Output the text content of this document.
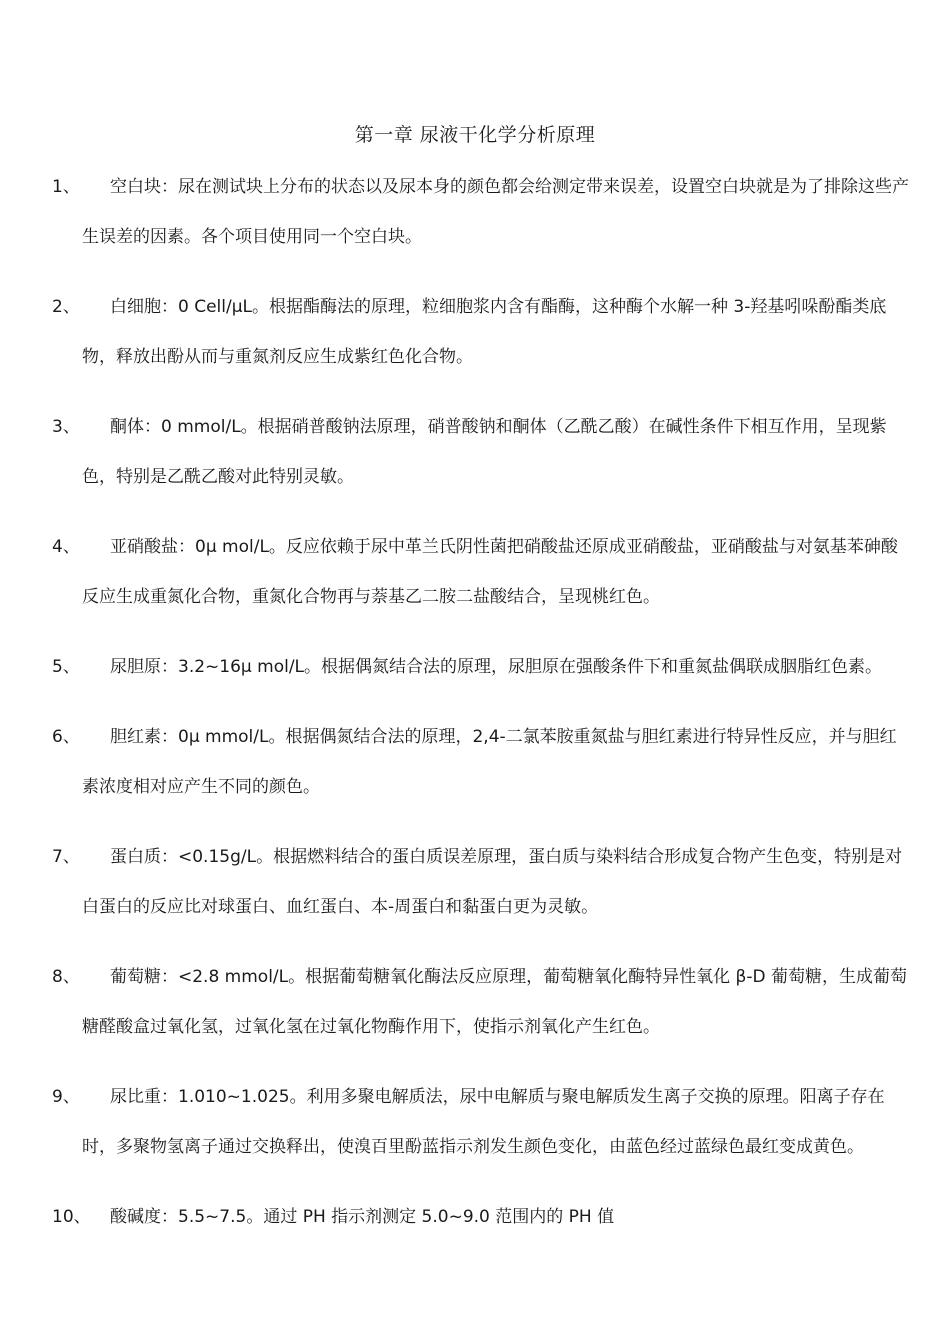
第一章 尿液干化学分析原理
1、	空白块：尿在测试块上分布的状态以及尿本身的颜色都会给测定带来误差，设置空白块就是为了排除这些产生误差的因素。各个项目使用同一个空白块。
2、	白细胞：0 Cell/μL。根据酯酶法的原理，粒细胞浆内含有酯酶，这种酶个水解一种 3-羟基吲哚酚酯类底物，释放出酚从而与重氮剂反应生成紫红色化合物。
3、	酮体：0 mmol/L。根据硝普酸钠法原理，硝普酸钠和酮体（乙酰乙酸）在碱性条件下相互作用，呈现紫色，特别是乙酰乙酸对此特别灵敏。
4、	亚硝酸盐：0μ mol/L。反应依赖于尿中革兰氏阴性菌把硝酸盐还原成亚硝酸盐，亚硝酸盐与对氨基苯砷酸反应生成重氮化合物，重氮化合物再与萘基乙二胺二盐酸结合，呈现桃红色。
5、	尿胆原：3.2~16μ mol/L。根据偶氮结合法的原理，尿胆原在强酸条件下和重氮盐偶联成胭脂红色素。
6、	胆红素：0μ mmol/L。根据偶氮结合法的原理，2,4-二氯苯胺重氮盐与胆红素进行特异性反应，并与胆红素浓度相对应产生不同的颜色。
7、	蛋白质：<0.15g/L。根据燃料结合的蛋白质误差原理，蛋白质与染料结合形成复合物产生色变，特别是对白蛋白的反应比对球蛋白、血红蛋白、本-周蛋白和黏蛋白更为灵敏。
8、	葡萄糖：<2.8 mmol/L。根据葡萄糖氧化酶法反应原理，葡萄糖氧化酶特异性氧化 β-D 葡萄糖，生成葡萄糖醛酸盒过氧化氢，过氧化氢在过氧化物酶作用下，使指示剂氧化产生红色。
9、	尿比重：1.010~1.025。利用多聚电解质法，尿中电解质与聚电解质发生离子交换的原理。阳离子存在时，多聚物氢离子通过交换释出，使溴百里酚蓝指示剂发生颜色变化，由蓝色经过蓝绿色最红变成黄色。
10、	酸碱度：5.5~7.5。通过 PH 指示剂测定 5.0~9.0 范围内的 PH 值
